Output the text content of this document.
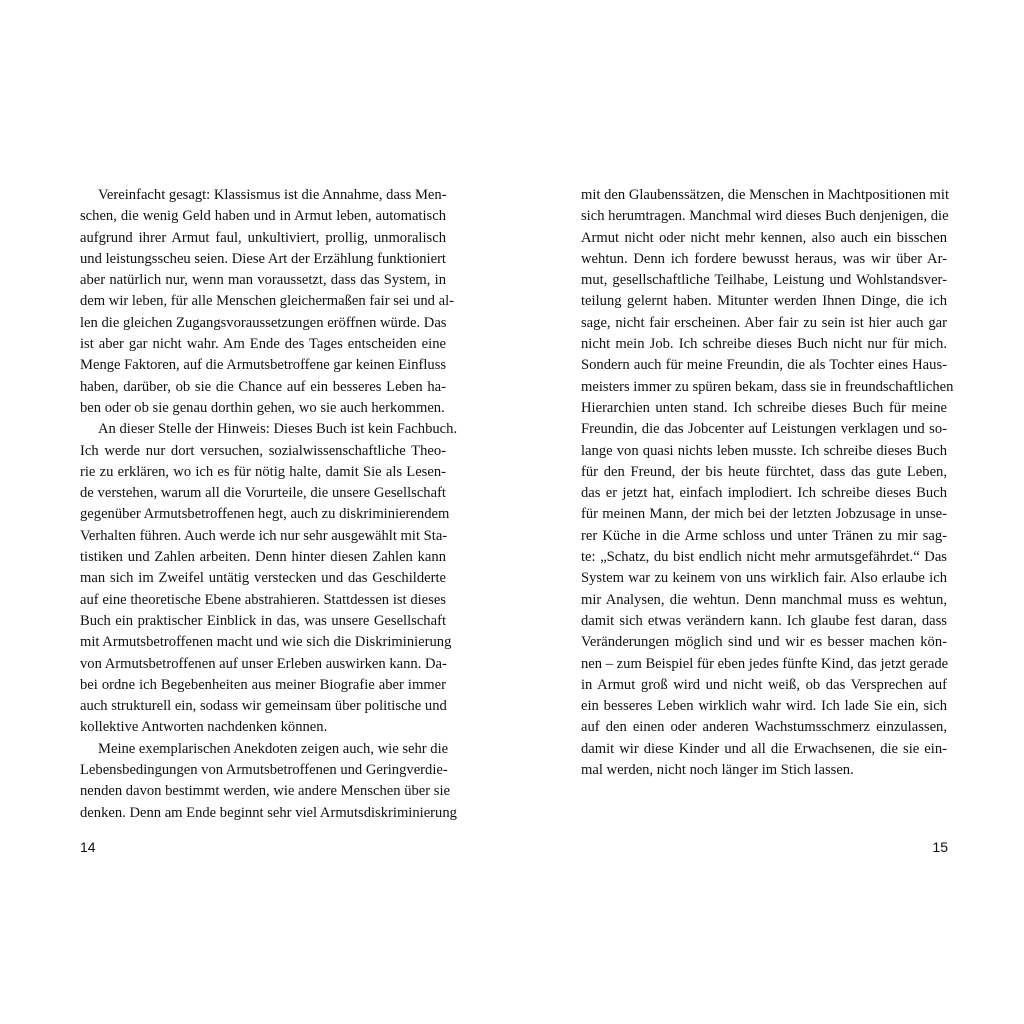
Vereinfacht gesagt: Klassismus ist die Annahme, dass Men-
schen, die wenig Geld haben und in Armut leben, automatisch
aufgrund ihrer Armut faul, unkultiviert, prollig, unmoralisch
und leistungsscheu seien. Diese Art der Erzählung funktioniert
aber natürlich nur, wenn man voraussetzt, dass das System, in
dem wir leben, für alle Menschen gleichermaßen fair sei und al-
len die gleichen Zugangsvoraussetzungen eröffnen würde. Das
ist aber gar nicht wahr. Am Ende des Tages entscheiden eine
Menge Faktoren, auf die Armutsbetroffene gar keinen Einfluss
haben, darüber, ob sie die Chance auf ein besseres Leben ha-
ben oder ob sie genau dorthin gehen, wo sie auch herkommen.
An dieser Stelle der Hinweis: Dieses Buch ist kein Fachbuch.
Ich werde nur dort versuchen, sozialwissenschaftliche Theo-
rie zu erklären, wo ich es für nötig halte, damit Sie als Lesen-
de verstehen, warum all die Vorurteile, die unsere Gesellschaft
gegenüber Armutsbetroffenen hegt, auch zu diskriminierendem
Verhalten führen. Auch werde ich nur sehr ausgewählt mit Sta-
tistiken und Zahlen arbeiten. Denn hinter diesen Zahlen kann
man sich im Zweifel untätig verstecken und das Geschilderte
auf eine theoretische Ebene abstrahieren. Stattdessen ist dieses
Buch ein praktischer Einblick in das, was unsere Gesellschaft
mit Armutsbetroffenen macht und wie sich die Diskriminierung
von Armutsbetroffenen auf unser Erleben auswirken kann. Da-
bei ordne ich Begebenheiten aus meiner Biografie aber immer
auch strukturell ein, sodass wir gemeinsam über politische und
kollektive Antworten nachdenken können.
Meine exemplarischen Anekdoten zeigen auch, wie sehr die
Lebensbedingungen von Armutsbetroffenen und Geringverdie-
nenden davon bestimmt werden, wie andere Menschen über sie
denken. Denn am Ende beginnt sehr viel Armutsdiskriminierung
14
mit den Glaubenssätzen, die Menschen in Machtpositionen mit
sich herumtragen. Manchmal wird dieses Buch denjenigen, die
Armut nicht oder nicht mehr kennen, also auch ein bisschen
wehtun. Denn ich fordere bewusst heraus, was wir über Ar-
mut, gesellschaftliche Teilhabe, Leistung und Wohlstandsver-
teilung gelernt haben. Mitunter werden Ihnen Dinge, die ich
sage, nicht fair erscheinen. Aber fair zu sein ist hier auch gar
nicht mein Job. Ich schreibe dieses Buch nicht nur für mich.
Sondern auch für meine Freundin, die als Tochter eines Haus-
meisters immer zu spüren bekam, dass sie in freundschaftlichen
Hierarchien unten stand. Ich schreibe dieses Buch für meine
Freundin, die das Jobcenter auf Leistungen verklagen und so-
lange von quasi nichts leben musste. Ich schreibe dieses Buch
für den Freund, der bis heute fürchtet, dass das gute Leben,
das er jetzt hat, einfach implodiert. Ich schreibe dieses Buch
für meinen Mann, der mich bei der letzten Jobzusage in unse-
rer Küche in die Arme schloss und unter Tränen zu mir sag-
te: „Schatz, du bist endlich nicht mehr armutsgefährdet.“ Das
System war zu keinem von uns wirklich fair. Also erlaube ich
mir Analysen, die wehtun. Denn manchmal muss es wehtun,
damit sich etwas verändern kann. Ich glaube fest daran, dass
Veränderungen möglich sind und wir es besser machen kön-
nen – zum Beispiel für eben jedes fünfte Kind, das jetzt gerade
in Armut groß wird und nicht weiß, ob das Versprechen auf
ein besseres Leben wirklich wahr wird. Ich lade Sie ein, sich
auf den einen oder anderen Wachstumsschmerz einzulassen,
damit wir diese Kinder und all die Erwachsenen, die sie ein-
mal werden, nicht noch länger im Stich lassen.
15
